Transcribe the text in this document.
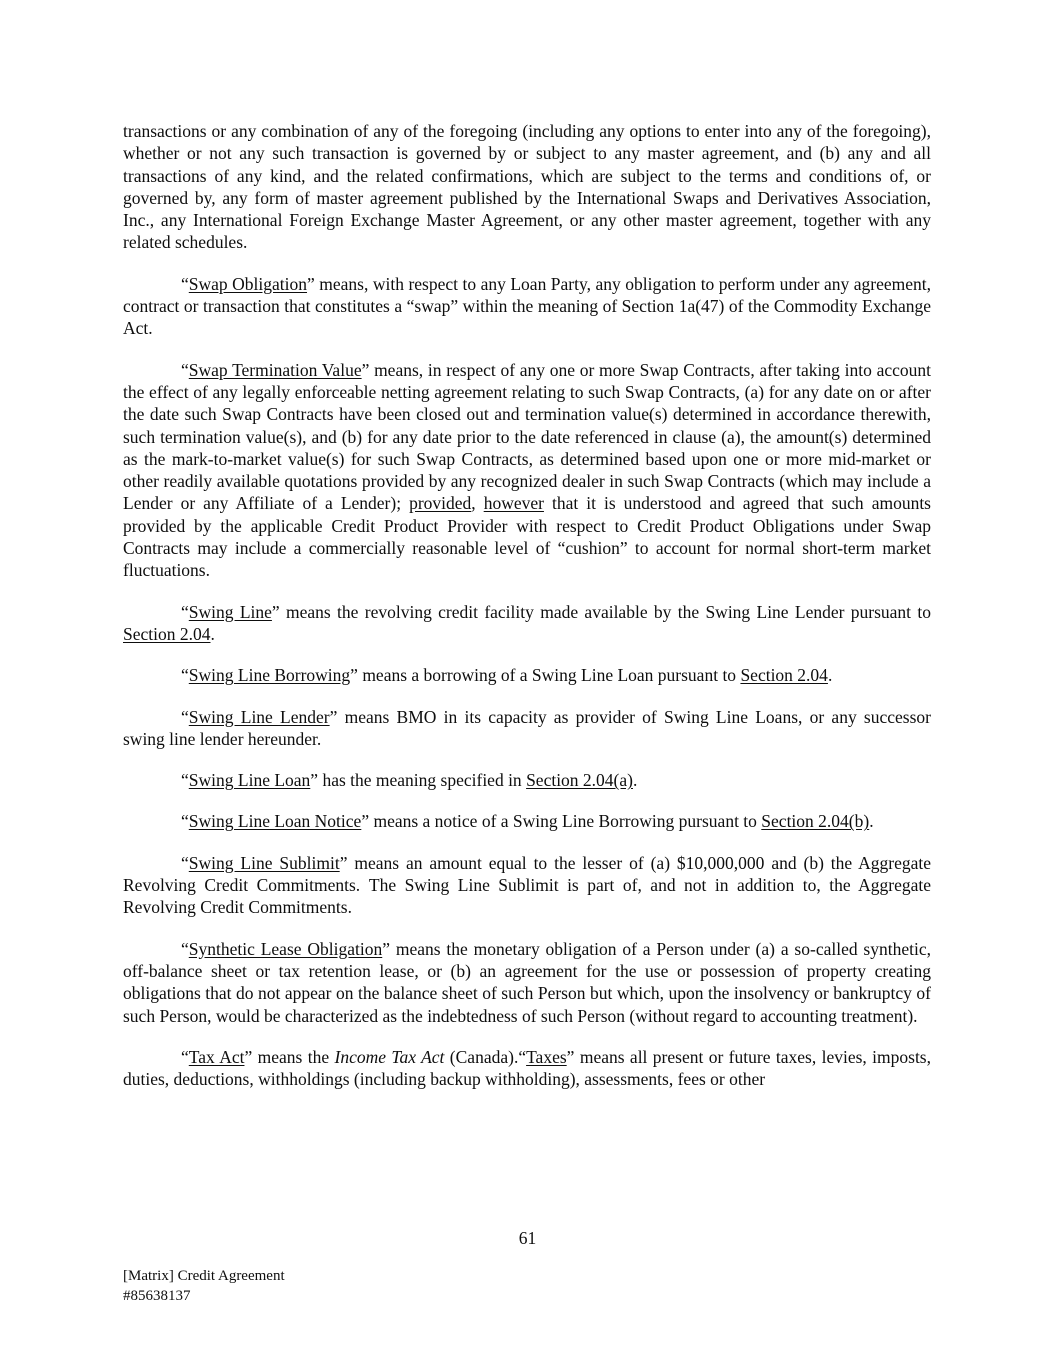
transactions or any combination of any of the foregoing (including any options to enter into any of the foregoing), whether or not any such transaction is governed by or subject to any master agreement, and (b) any and all transactions of any kind, and the related confirmations, which are subject to the terms and conditions of, or governed by, any form of master agreement published by the International Swaps and Derivatives Association, Inc., any International Foreign Exchange Master Agreement, or any other master agreement, together with any related schedules.

“Swap Obligation” means, with respect to any Loan Party, any obligation to perform under any agreement, contract or transaction that constitutes a “swap” within the meaning of Section 1a(47) of the Commodity Exchange Act.

“Swap Termination Value” means, in respect of any one or more Swap Contracts, after taking into account the effect of any legally enforceable netting agreement relating to such Swap Contracts, (a) for any date on or after the date such Swap Contracts have been closed out and termination value(s) determined in accordance therewith, such termination value(s), and (b) for any date prior to the date referenced in clause (a), the amount(s) determined as the mark-to-market value(s) for such Swap Contracts, as determined based upon one or more mid-market or other readily available quotations provided by any recognized dealer in such Swap Contracts (which may include a Lender or any Affiliate of a Lender); provided, however that it is understood and agreed that such amounts provided by the applicable Credit Product Provider with respect to Credit Product Obligations under Swap Contracts may include a commercially reasonable level of “cushion” to account for normal short-term market fluctuations.

“Swing Line” means the revolving credit facility made available by the Swing Line Lender pursuant to Section 2.04.

“Swing Line Borrowing” means a borrowing of a Swing Line Loan pursuant to Section 2.04.

“Swing Line Lender” means BMO in its capacity as provider of Swing Line Loans, or any successor swing line lender hereunder.

“Swing Line Loan” has the meaning specified in Section 2.04(a).

“Swing Line Loan Notice” means a notice of a Swing Line Borrowing pursuant to Section 2.04(b).

“Swing Line Sublimit” means an amount equal to the lesser of (a) $10,000,000 and (b) the Aggregate Revolving Credit Commitments. The Swing Line Sublimit is part of, and not in addition to, the Aggregate Revolving Credit Commitments.

“Synthetic Lease Obligation” means the monetary obligation of a Person under (a) a so-called synthetic, off-balance sheet or tax retention lease, or (b) an agreement for the use or possession of property creating obligations that do not appear on the balance sheet of such Person but which, upon the insolvency or bankruptcy of such Person, would be characterized as the indebtedness of such Person (without regard to accounting treatment).

“Tax Act” means the Income Tax Act (Canada).“Taxes” means all present or future taxes, levies, imposts, duties, deductions, withholdings (including backup withholding), assessments, fees or other

61
[Matrix] Credit Agreement
#85638137
